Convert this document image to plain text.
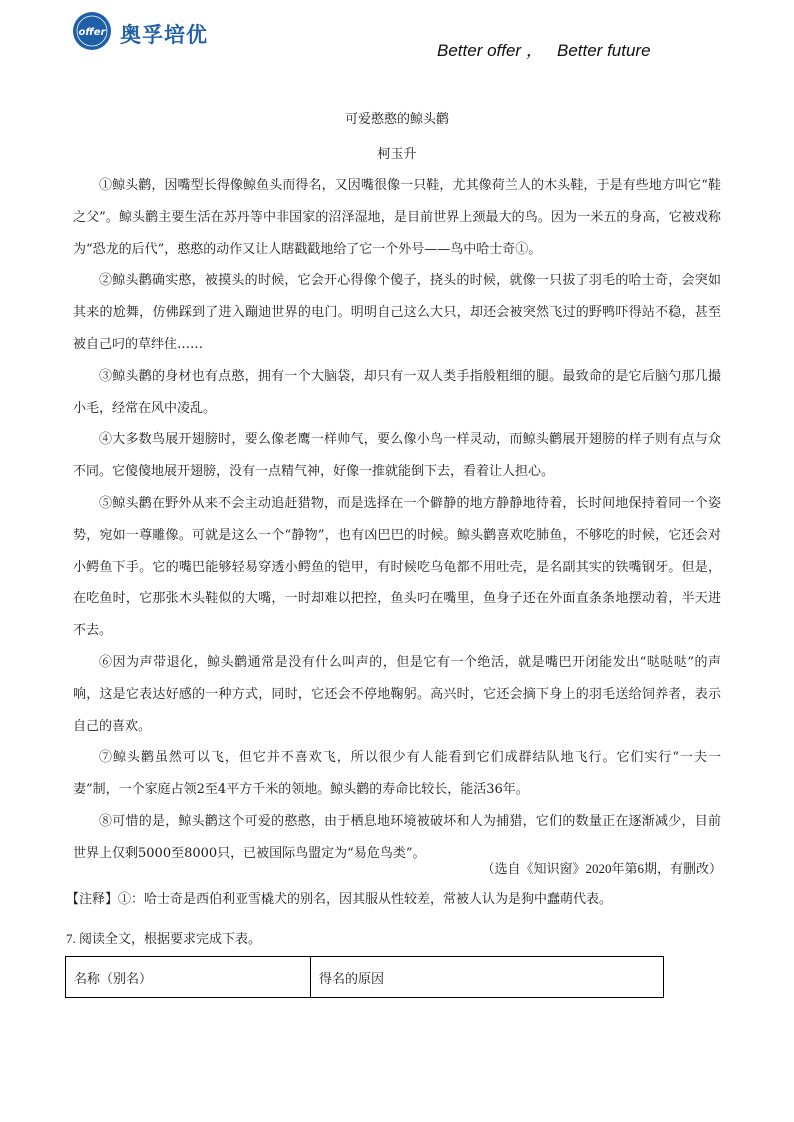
offer 奥孚培优
Better offer ，   Better future
可爱憨憨的鲸头鹳
柯玉升

①鲸头鹳，因嘴型长得像鲸鱼头而得名，又因嘴很像一只鞋，尤其像荷兰人的木头鞋，于是有些地方叫它“鞋之父”。鲸头鹳主要生活在苏丹等中非国家的沼泽湿地，是目前世界上颈最大的鸟。因为一米五的身高，它被戏称为“恐龙的后代”，憨憨的动作又让人瞎戳戳地给了它一个外号——鸟中哈士奇①。

②鲸头鹳确实憨，被摸头的时候，它会开心得像个傻子，挠头的时候，就像一只拔了羽毛的哈士奇，会突如其来的尬舞，仿佛踩到了进入蹦迪世界的电门。明明自己这么大只，却还会被突然飞过的野鸭吓得站不稳，甚至被自己叼的草绊住……

③鲸头鹳的身材也有点憨，拥有一个大脑袋，却只有一双人类手指般粗细的腿。最致命的是它后脑勺那几撮小毛，经常在风中凌乱。

④大多数鸟展开翅膀时，要么像老鹰一样帅气，要么像小鸟一样灵动，而鲸头鹳展开翅膀的样子则有点与众不同。它傻傻地展开翅膀，没有一点精气神，好像一推就能倒下去，看着让人担心。

⑤鲸头鹳在野外从来不会主动追赶猎物，而是选择在一个僻静的地方静静地待着，长时间地保持着同一个姿势，宛如一尊雕像。可就是这么一个“静物”，也有凶巴巴的时候。鲸头鹳喜欢吃肺鱼，不够吃的时候，它还会对小鳄鱼下手。它的嘴巴能够轻易穿透小鳄鱼的铠甲，有时候吃乌龟都不用吐壳，是名副其实的铁嘴钢牙。但是，在吃鱼时，它那张木头鞋似的大嘴，一时却难以把控，鱼头叼在嘴里，鱼身子还在外面直条条地摆动着，半天进不去。

⑥因为声带退化，鲸头鹳通常是没有什么叫声的，但是它有一个绝活，就是嘴巴开闭能发出“哒哒哒”的声响，这是它表达好感的一种方式，同时，它还会不停地鞠躬。高兴时，它还会摘下身上的羽毛送给饲养者，表示自己的喜欢。

⑦鲸头鹳虽然可以飞，但它并不喜欢飞，所以很少有人能看到它们成群结队地飞行。它们实行“一夫一妻”制，一个家庭占领2至4平方千米的领地。鲸头鹳的寿命比较长，能活36年。

⑧可惜的是，鲸头鹳这个可爱的憨憨，由于栖息地环境被破坏和人为捕猎，它们的数量正在逐渐减少，目前世界上仅剩5000至8000只，已被国际鸟盟定为“易危鸟类”。

（选自《知识窗》2020年第6期，有删改）
【注释】①：哈士奇是西伯利亚雪橇犬的别名，因其服从性较差，常被人认为是狗中蠢萌代表。
7. 阅读全文，根据要求完成下表。
名称（别名）	得名的原因
